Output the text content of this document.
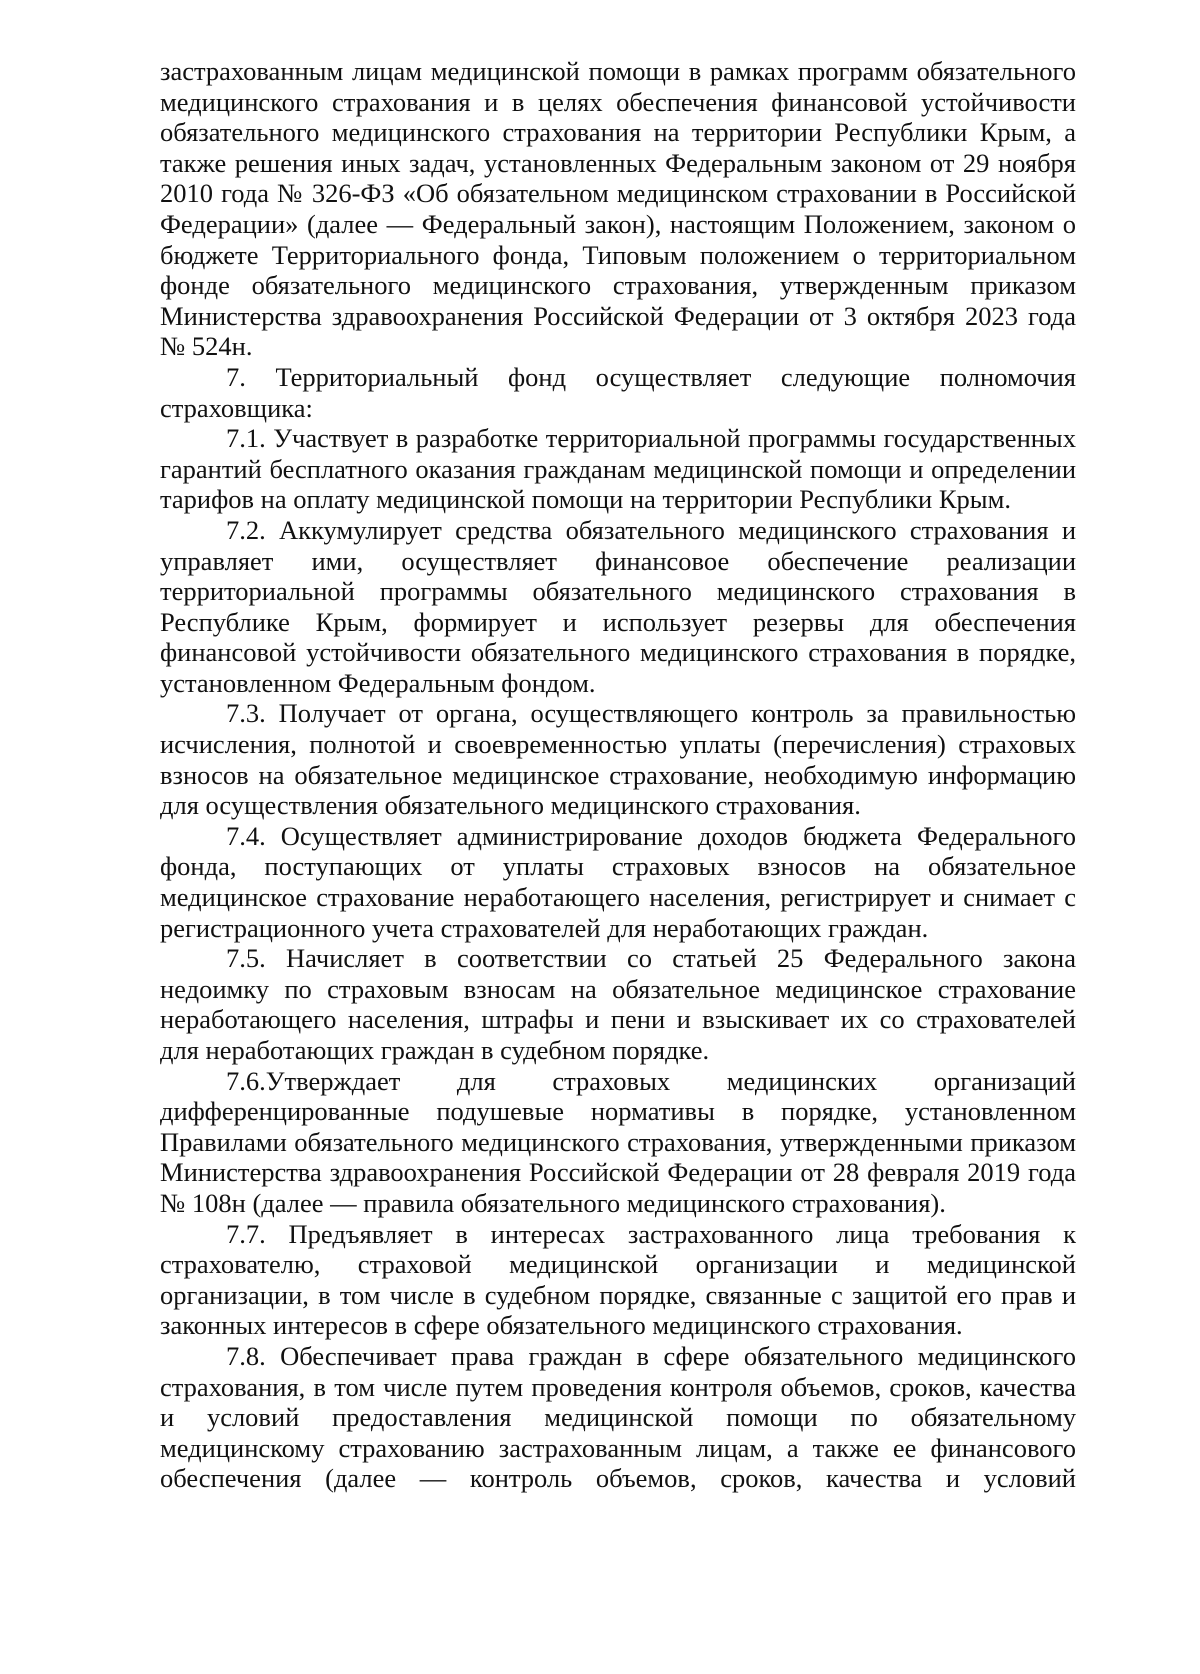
застрахованным лицам медицинской помощи в рамках программ обязательного медицинского страхования и в целях обеспечения финансовой устойчивости обязательного медицинского страхования на территории Республики Крым, а также решения иных задач, установленных Федеральным законом от 29 ноября 2010 года № 326-ФЗ «Об обязательном медицинском страховании в Российской Федерации» (далее — Федеральный закон), настоящим Положением, законом о бюджете Территориального фонда, Типовым положением о территориальном фонде обязательного медицинского страхования, утвержденным приказом Министерства здравоохранения Российской Федерации от 3 октября 2023 года № 524н.

7. Территориальный фонд осуществляет следующие полномочия страховщика:

7.1. Участвует в разработке территориальной программы государственных гарантий бесплатного оказания гражданам медицинской помощи и определении тарифов на оплату медицинской помощи на территории Республики Крым.

7.2. Аккумулирует средства обязательного медицинского страхования и управляет ими, осуществляет финансовое обеспечение реализации территориальной программы обязательного медицинского страхования в Республике Крым, формирует и использует резервы для обеспечения финансовой устойчивости обязательного медицинского страхования в порядке, установленном Федеральным фондом.

7.3. Получает от органа, осуществляющего контроль за правильностью исчисления, полнотой и своевременностью уплаты (перечисления) страховых взносов на обязательное медицинское страхование, необходимую информацию для осуществления обязательного медицинского страхования.

7.4. Осуществляет администрирование доходов бюджета Федерального фонда, поступающих от уплаты страховых взносов на обязательное медицинское страхование неработающего населения, регистрирует и снимает с регистрационного учета страхователей для неработающих граждан.

7.5. Начисляет в соответствии со статьей 25 Федерального закона недоимку по страховым взносам на обязательное медицинское страхование неработающего населения, штрафы и пени и взыскивает их со страхователей для неработающих граждан в судебном порядке.

7.6.Утверждает для страховых медицинских организаций дифференцированные подушевые нормативы в порядке, установленном Правилами обязательного медицинского страхования, утвержденными приказом Министерства здравоохранения Российской Федерации от 28 февраля 2019 года № 108н (далее — правила обязательного медицинского страхования).

7.7. Предъявляет в интересах застрахованного лица требования к страхователю, страховой медицинской организации и медицинской организации, в том числе в судебном порядке, связанные с защитой его прав и законных интересов в сфере обязательного медицинского страхования.

7.8. Обеспечивает права граждан в сфере обязательного медицинского страхования, в том числе путем проведения контроля объемов, сроков, качества и условий предоставления медицинской помощи по обязательному медицинскому страхованию застрахованным лицам, а также ее финансового обеспечения (далее — контроль объемов, сроков, качества и условий
